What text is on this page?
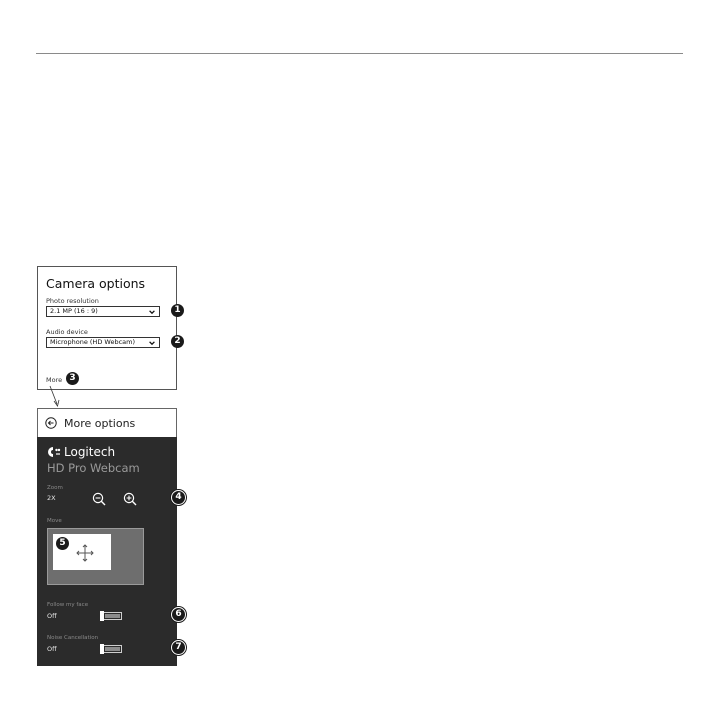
Camera options
Photo resolution
2.1 MP (16 : 9)
Audio device
Microphone (HD Webcam)
More
1
2
3
More options
Logitech
HD Pro Webcam
Zoom
2X
Move
Follow my face
Off
Noise Cancellation
Off
4
5
6
7
